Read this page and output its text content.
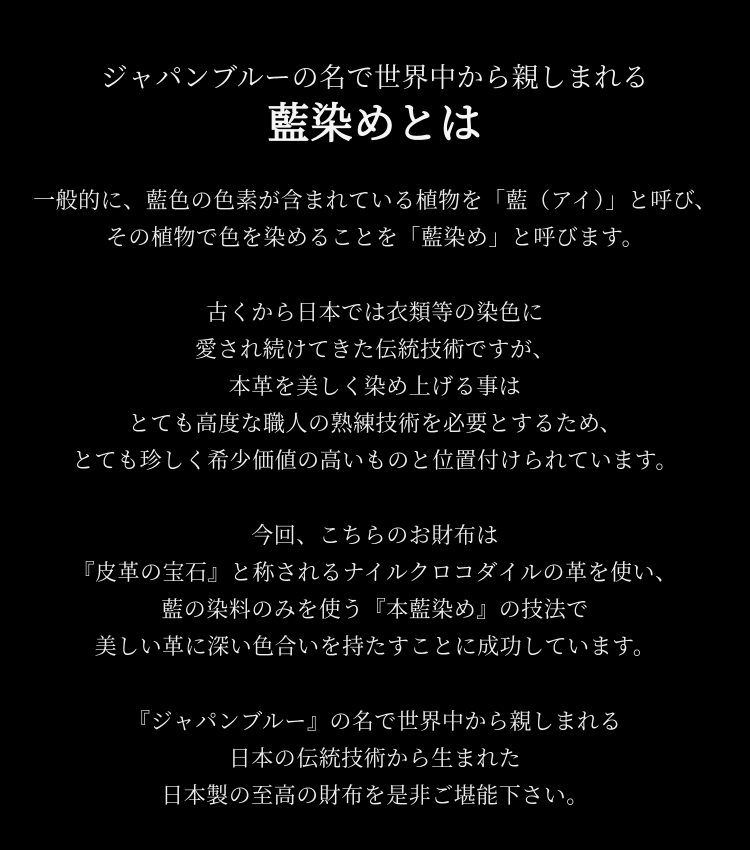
ジャパンブルーの名で世界中から親しまれる
藍染めとは
一般的に、藍色の色素が含まれている植物を「藍（アイ）」と呼び、
その植物で色を染めることを「藍染め」と呼びます。
古くから日本では衣類等の染色に
愛され続けてきた伝統技術ですが、
本革を美しく染め上げる事は
とても高度な職人の熟練技術を必要とするため、
とても珍しく希少価値の高いものと位置付けられています。
今回、こちらのお財布は
『皮革の宝石』と称されるナイルクロコダイルの革を使い、
藍の染料のみを使う『本藍染め』の技法で
美しい革に深い色合いを持たすことに成功しています。
『ジャパンブルー』の名で世界中から親しまれる
日本の伝統技術から生まれた
日本製の至高の財布を是非ご堪能下さい。
